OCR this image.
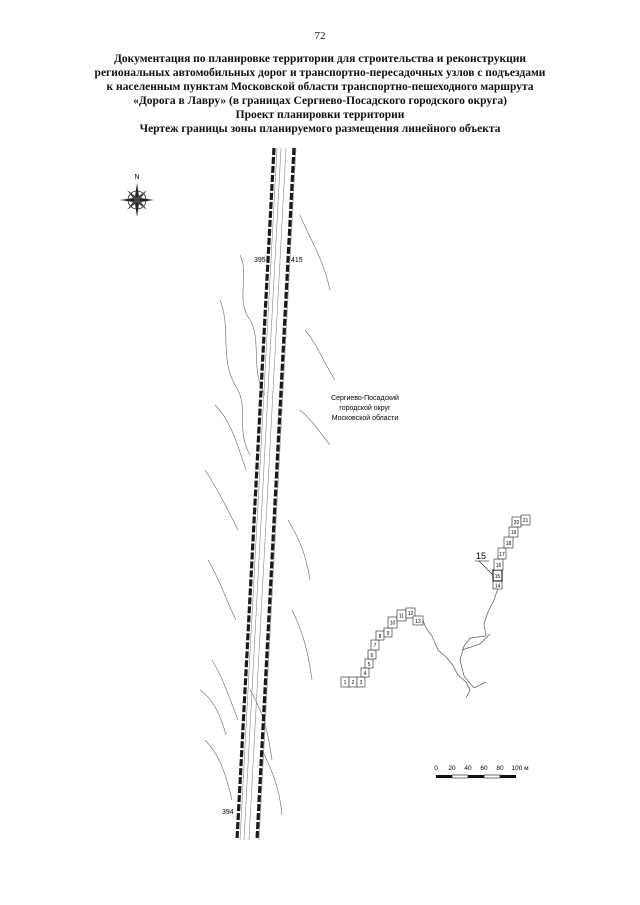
72
Документация по планировке территории для строительства и реконструкции
региональных автомобильных дорог и транспортно-пересадочных узлов с подъездами
к населенным пунктам Московской области транспортно-пешеходного маршрута
«Дорога в Лавру» (в границах Сергиево-Посадского городского округа)
Проект планировки территории
Чертеж границы зоны планируемого размещения линейного объекта
N
395	415
394
Сергиево-Посадский
городской округ
Московской области
1 2 3
4
5
6
7
8 9
10
11 12
13
14
15
16
17
18
19
20 21
15
0 20 40 60 80 100 м
